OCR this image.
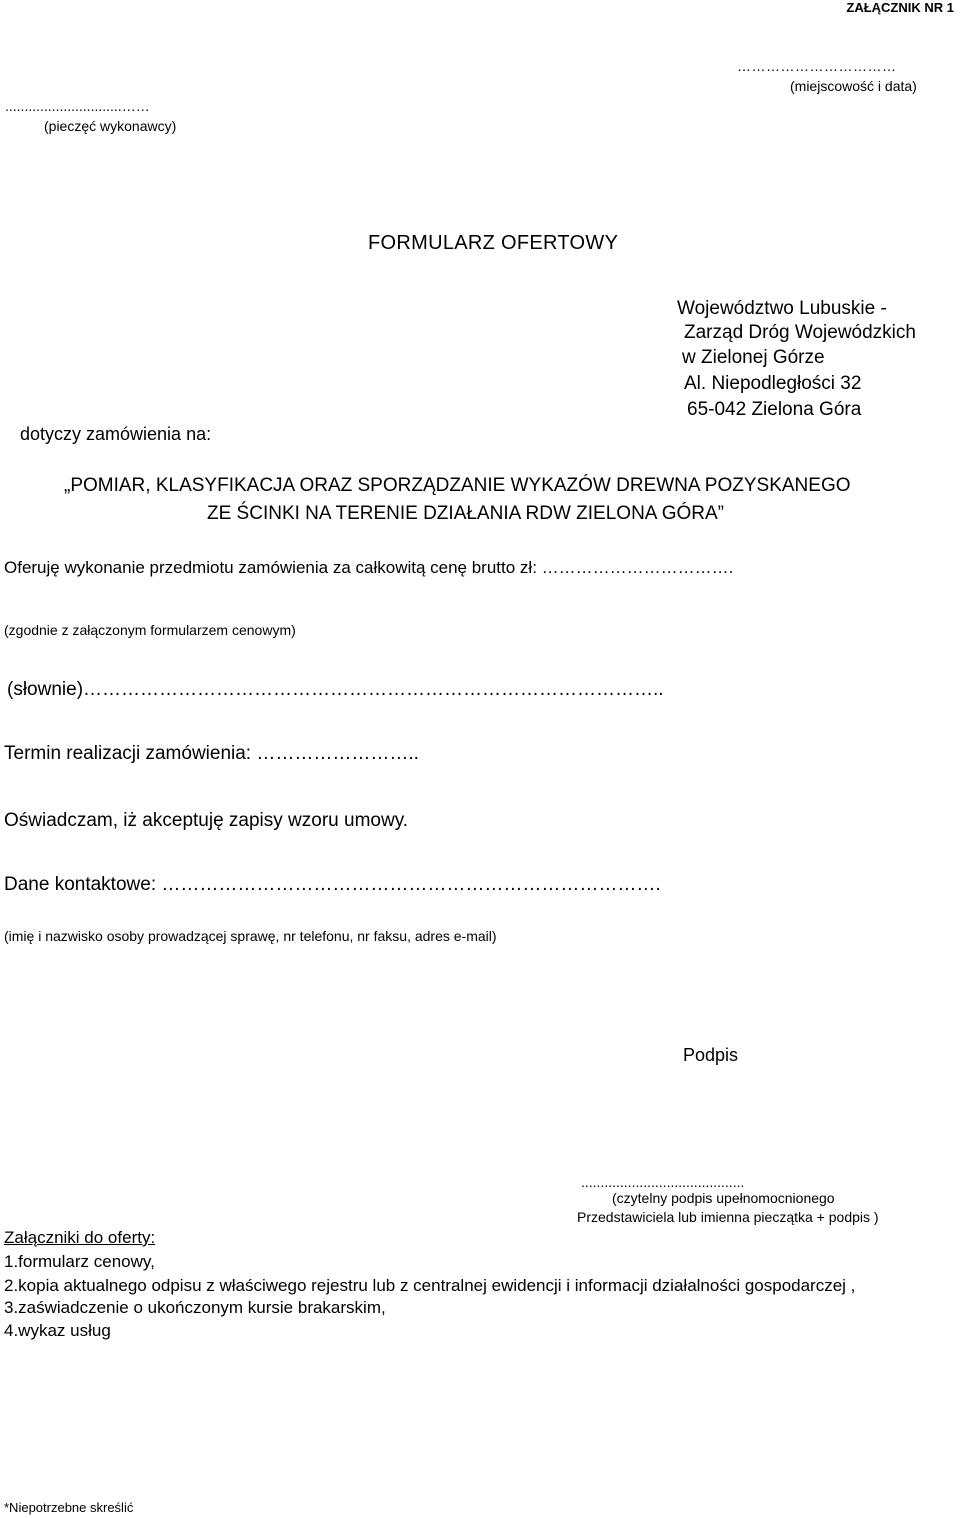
ZAŁĄCZNIK NR 1
……………………………
(miejscowość i data)
..............................……
(pieczęć wykonawcy)
FORMULARZ OFERTOWY
Województwo Lubuskie -
Zarząd Dróg Wojewódzkich
w Zielonej Górze
Al. Niepodległości 32
65-042 Zielona Góra
dotyczy zamówienia na:
„POMIAR, KLASYFIKACJA ORAZ SPORZĄDZANIE WYKAZÓW DREWNA POZYSKANEGO
ZE ŚCINKI NA TERENIE DZIAŁANIA RDW ZIELONA GÓRA”
Oferuję wykonanie przedmiotu zamówienia za całkowitą cenę brutto zł: …………………………….
(zgodnie z załączonym formularzem cenowym)
(słownie)………………………………………………………………………………..
Termin realizacji zamówienia: ……………………..
Oświadczam, iż akceptuję zapisy wzoru umowy.
Dane kontaktowe: …………………………………………………………………….
(imię i nazwisko osoby prowadzącej sprawę, nr telefonu, nr faksu, adres e-mail)
Podpis
..........................................
(czytelny podpis upełnomocnionego
Przedstawiciela lub imienna pieczątka + podpis )
Załączniki do oferty:
1.formularz cenowy,
2.kopia aktualnego odpisu z właściwego rejestru lub z centralnej ewidencji i informacji działalności gospodarczej ,
3.zaświadczenie o ukończonym kursie brakarskim,
4.wykaz usług
*Niepotrzebne skreślić
